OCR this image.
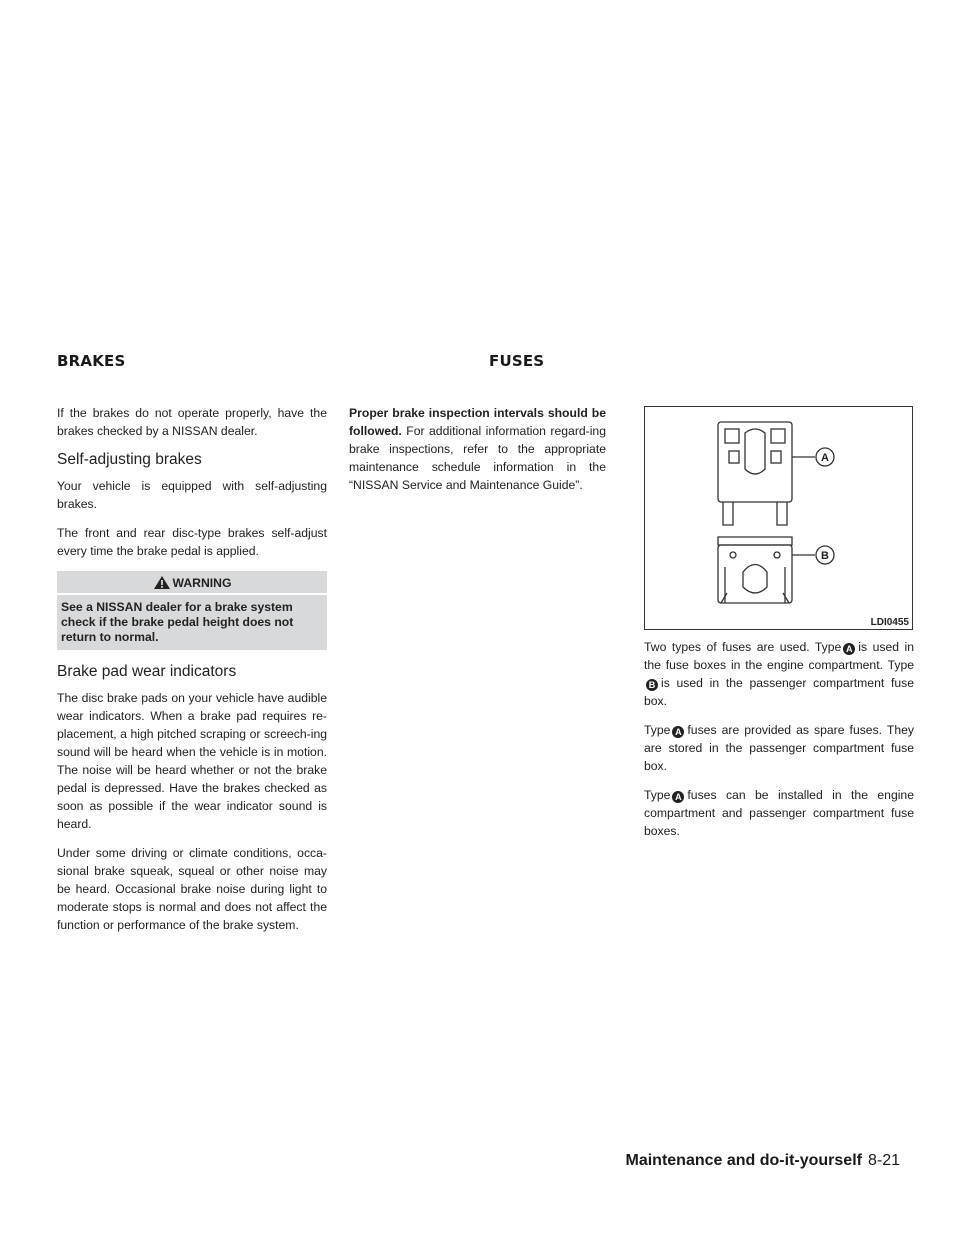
BRAKES	FUSES

If the brakes do not operate properly, have the brakes checked by a NISSAN dealer.

Self-adjusting brakes

Your vehicle is equipped with self-adjusting brakes.

The front and rear disc-type brakes self-adjust every time the brake pedal is applied.

WARNING
See a NISSAN dealer for a brake system check if the brake pedal height does not return to normal.
Brake pad wear indicators

The disc brake pads on your vehicle have audible wear indicators. When a brake pad requires re-placement, a high pitched scraping or screech-ing sound will be heard when the vehicle is in motion. The noise will be heard whether or not the brake pedal is depressed. Have the brakes checked as soon as possible if the wear indicator sound is heard.

Under some driving or climate conditions, occa-sional brake squeak, squeal or other noise may be heard. Occasional brake noise during light to moderate stops is normal and does not affect the function or performance of the brake system.

Proper brake inspection intervals should be followed. For additional information regard-ing brake inspections, refer to the appropriate maintenance schedule information in the “NISSAN Service and Maintenance Guide”.

A
B
LDI0455

Two types of fuses are used. Type A is used in the fuse boxes in the engine compartment. Type B is used in the passenger compartment fuse box.

Type A fuses are provided as spare fuses. They are stored in the passenger compartment fuse box.

Type A fuses can be installed in the engine compartment and passenger compartment fuse boxes.

Maintenance and do-it-yourself 8-21
